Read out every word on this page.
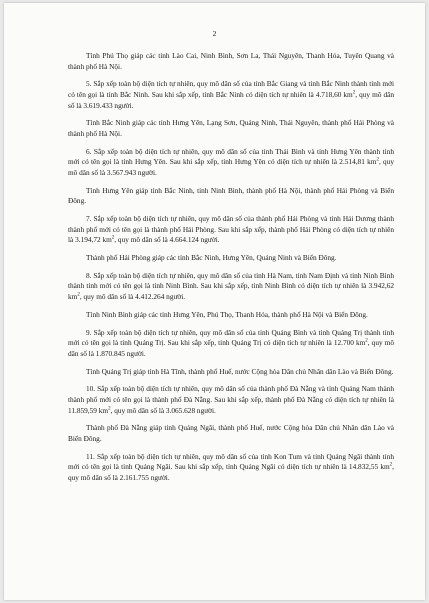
2

Tỉnh Phú Thọ giáp các tỉnh Lào Cai, Ninh Bình, Sơn La, Thái Nguyên, Thanh Hóa, Tuyên Quang và thành phố Hà Nội.

5. Sắp xếp toàn bộ diện tích tự nhiên, quy mô dân số của tỉnh Bắc Giang và tỉnh Bắc Ninh thành tỉnh mới có tên gọi là tỉnh Bắc Ninh. Sau khi sắp xếp, tỉnh Bắc Ninh có diện tích tự nhiên là 4.718,60 $km^2$, quy mô dân số là 3.619.433 người.

Tỉnh Bắc Ninh giáp các tỉnh Hưng Yên, Lạng Sơn, Quảng Ninh, Thái Nguyên, thành phố Hải Phòng và thành phố Hà Nội.

6. Sắp xếp toàn bộ diện tích tự nhiên, quy mô dân số của tỉnh Thái Bình và tỉnh Hưng Yên thành tỉnh mới có tên gọi là tỉnh Hưng Yên. Sau khi sắp xếp, tỉnh Hưng Yên có diện tích tự nhiên là 2.514,81 $km^2$, quy mô dân số là 3.567.943 người.

Tỉnh Hưng Yên giáp tỉnh Bắc Ninh, tỉnh Ninh Bình, thành phố Hà Nội, thành phố Hải Phòng và Biển Đông.

7. Sắp xếp toàn bộ diện tích tự nhiên, quy mô dân số của thành phố Hải Phòng và tỉnh Hải Dương thành thành phố mới có tên gọi là thành phố Hải Phòng. Sau khi sắp xếp, thành phố Hải Phòng có diện tích tự nhiên là 3.194,72 $km^2$, quy mô dân số là 4.664.124 người.

Thành phố Hải Phòng giáp các tỉnh Bắc Ninh, Hưng Yên, Quảng Ninh và Biển Đông.

8. Sắp xếp toàn bộ diện tích tự nhiên, quy mô dân số của tỉnh Hà Nam, tỉnh Nam Định và tỉnh Ninh Bình thành tỉnh mới có tên gọi là tỉnh Ninh Bình. Sau khi sắp xếp, tỉnh Ninh Bình có diện tích tự nhiên là 3.942,62 $km^2$, quy mô dân số là 4.412.264 người.

Tỉnh Ninh Bình giáp các tỉnh Hưng Yên, Phú Thọ, Thanh Hóa, thành phố Hà Nội và Biển Đông.

9. Sắp xếp toàn bộ diện tích tự nhiên, quy mô dân số của tỉnh Quảng Bình và tỉnh Quảng Trị thành tỉnh mới có tên gọi là tỉnh Quảng Trị. Sau khi sắp xếp, tỉnh Quảng Trị có diện tích tự nhiên là 12.700 $km^2$, quy mô dân số là 1.870.845 người.

Tỉnh Quảng Trị giáp tỉnh Hà Tĩnh, thành phố Huế, nước Cộng hòa Dân chủ Nhân dân Lào và Biển Đông.

10. Sắp xếp toàn bộ diện tích tự nhiên, quy mô dân số của thành phố Đà Nẵng và tỉnh Quảng Nam thành thành phố mới có tên gọi là thành phố Đà Nẵng. Sau khi sắp xếp, thành phố Đà Nẵng có diện tích tự nhiên là 11.859,59 $km^2$, quy mô dân số là 3.065.628 người.

Thành phố Đà Nẵng giáp tỉnh Quảng Ngãi, thành phố Huế, nước Cộng hòa Dân chủ Nhân dân Lào và Biển Đông.

11. Sắp xếp toàn bộ diện tích tự nhiên, quy mô dân số của tỉnh Kon Tum và tỉnh Quảng Ngãi thành tỉnh mới có tên gọi là tỉnh Quảng Ngãi. Sau khi sắp xếp, tỉnh Quảng Ngãi có diện tích tự nhiên là 14.832,55 $km^2$, quy mô dân số là 2.161.755 người.
